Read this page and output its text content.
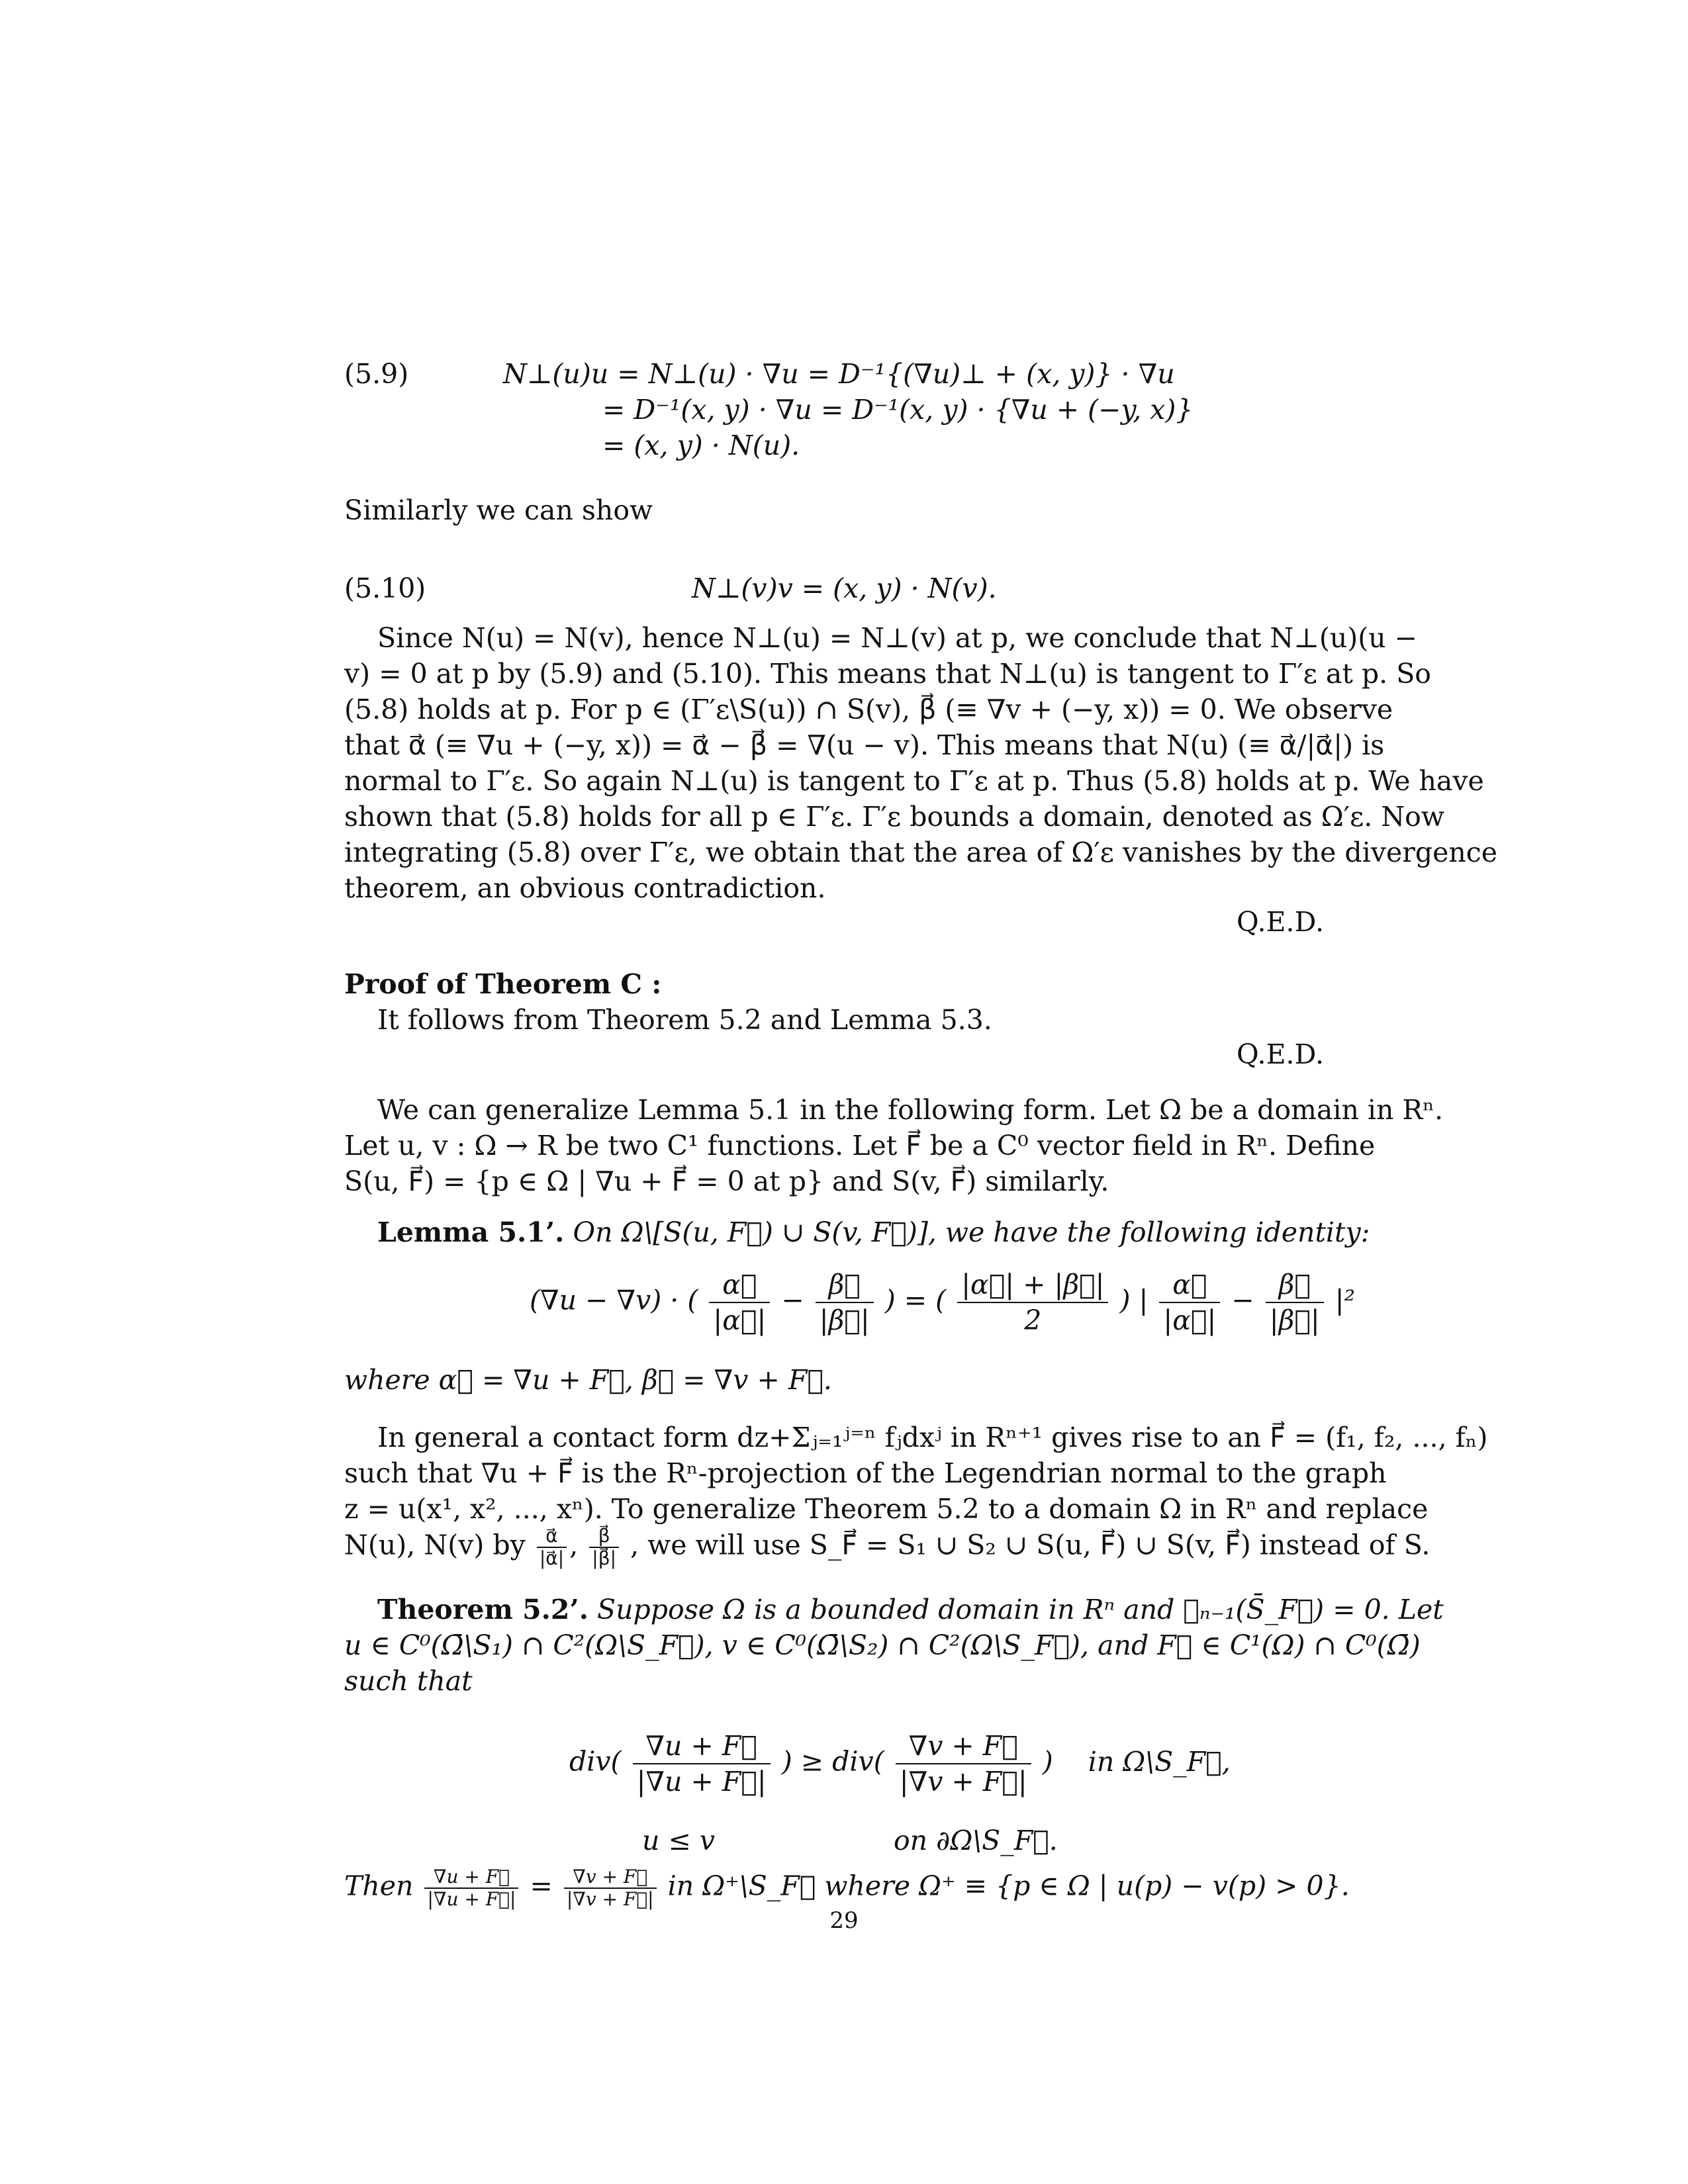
(5.9)	N⊥(u)u = N⊥(u) · ∇u = D⁻¹{(∇u)⊥ + (x, y)} · ∇u
= D⁻¹(x, y) · ∇u = D⁻¹(x, y) · {∇u + (−y, x)}
= (x, y) · N(u).
Similarly we can show
(5.10)	N⊥(v)v = (x, y) · N(v).
Since N(u) = N(v), hence N⊥(u) = N⊥(v) at p, we conclude that N⊥(u)(u −
v) = 0 at p by (5.9) and (5.10). This means that N⊥(u) is tangent to Γ′ε at p. So
(5.8) holds at p. For p ∈ (Γ′ε\S(u)) ∩ S(v), β⃗ (≡ ∇v + (−y, x)) = 0. We observe
that α⃗ (≡ ∇u + (−y, x)) = α⃗ − β⃗ = ∇(u − v). This means that N(u) (≡ α⃗/|α⃗|) is
normal to Γ′ε. So again N⊥(u) is tangent to Γ′ε at p. Thus (5.8) holds at p. We have
shown that (5.8) holds for all p ∈ Γ′ε. Γ′ε bounds a domain, denoted as Ω′ε. Now
integrating (5.8) over Γ′ε, we obtain that the area of Ω′ε vanishes by the divergence
theorem, an obvious contradiction.
Q.E.D.
Proof of Theorem C :
It follows from Theorem 5.2 and Lemma 5.3.
Q.E.D.
We can generalize Lemma 5.1 in the following form. Let Ω be a domain in Rⁿ.
Let u, v : Ω → R be two C¹ functions. Let F⃗ be a C⁰ vector field in Rⁿ. Define
S(u, F⃗) = {p ∈ Ω | ∇u + F⃗ = 0 at p} and S(v, F⃗) similarly.
Lemma 5.1’. On Ω\[S(u, F⃗) ∪ S(v, F⃗)], we have the following identity:
(∇u − ∇v) · ( $\frac{\alpha⃗}{|\alpha⃗|} - \frac{\beta⃗}{|\beta⃗|}$ ) = ( $\frac{|\alpha⃗| + |\beta⃗|}{2}$ ) | $\frac{\alpha⃗}{|\alpha⃗|} - \frac{\beta⃗}{|\beta⃗|} |^2$
where α⃗ = ∇u + F⃗, β⃗ = ∇v + F⃗.
In general a contact form dz+Σⱼ₌₁ʲ⁼ⁿ fⱼdxʲ in Rⁿ⁺¹ gives rise to an F⃗ = (f₁, f₂, ..., fₙ)
such that ∇u + F⃗ is the Rⁿ-projection of the Legendrian normal to the graph
z = u(x¹, x², ..., xⁿ). To generalize Theorem 5.2 to a domain Ω in Rⁿ and replace
N(u), N(v) by $\frac{\alpha⃗}{|\alpha⃗|}$ , $\frac{\beta⃗}{|\beta⃗|}$ , we will use S_F⃗ = S₁ ∪ S₂ ∪ S(u, F⃗) ∪ S(v, F⃗) instead of S.
Theorem 5.2’. Suppose Ω is a bounded domain in Rⁿ and ℋₙ₋₁(S̄_F⃗) = 0. Let
u ∈ C⁰(Ω̄\S₁) ∩ C²(Ω\S_F⃗), v ∈ C⁰(Ω̄\S₂) ∩ C²(Ω\S_F⃗), and F⃗ ∈ C¹(Ω) ∩ C⁰(Ω̄)
such that
$div( \frac{\nabla u + F⃗}{|\nabla u + F⃗|}$ ) ≥ $div( \frac{\nabla v + F⃗}{|\nabla v + F⃗|}$ ) in Ω\S_F⃗,
u ≤ v	on ∂Ω\S_F⃗.
Then $\frac{\nabla u + F⃗}{|\nabla u + F⃗|} = \frac{\nabla v + F⃗}{|\nabla v + F⃗|}$ in Ω⁺\S_F⃗ where Ω⁺ ≡ {p ∈ Ω | u(p) − v(p) > 0}.
29
